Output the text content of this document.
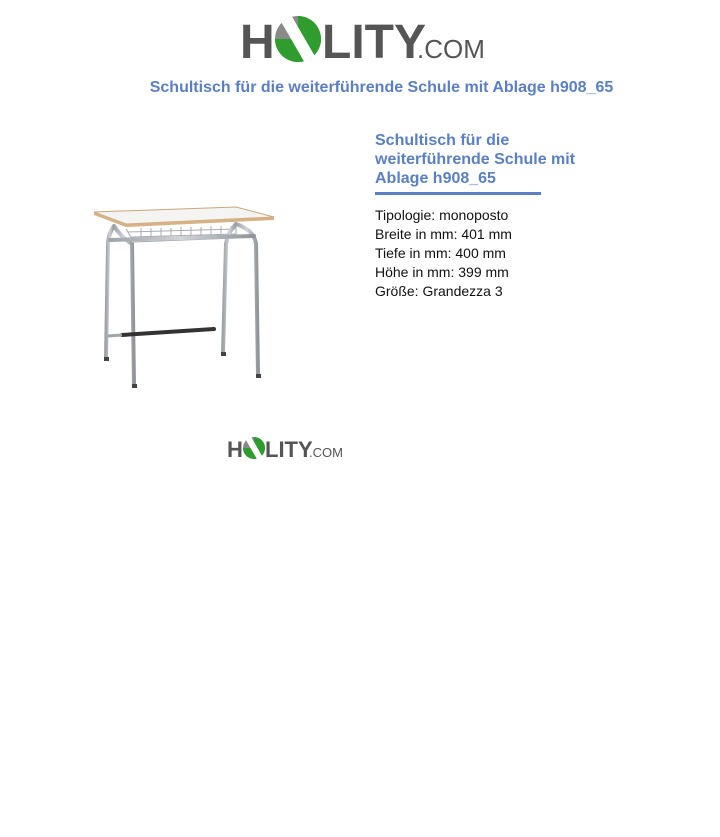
H LITY
.COM
Schultisch für die weiterführende Schule mit Ablage h908_65
Schultisch für die weiterführende Schule mit Ablage h908_65
Tipologie: monoposto
Breite in mm: 401 mm
Tiefe in mm: 400 mm
Höhe in mm: 399 mm
Größe: Grandezza 3
H LITY
.COM
